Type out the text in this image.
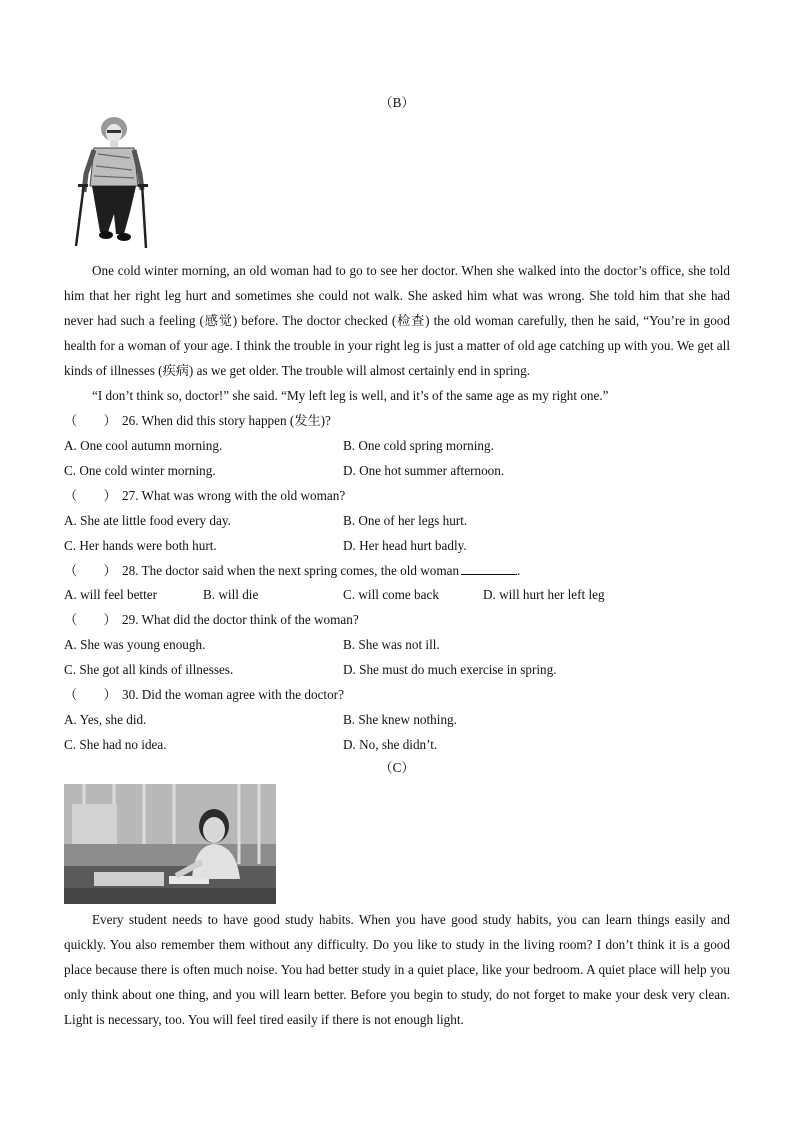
（B）

One cold winter morning, an old woman had to go to see her doctor. When she walked into the doctor’s office, she told him that her right leg hurt and sometimes she could not walk. She asked him what was wrong. She told him that she had never had such a feeling (感觉) before. The doctor checked (检查) the old woman carefully, then he said, “You’re in good health for a woman of your age. I think the trouble in your right leg is just a matter of old age catching up with you. We get all kinds of illnesses (疾病) as we get older. The trouble will almost certainly end in spring.

“I don’t think so, doctor!” she said. “My left leg is well, and it’s of the same age as my right one.”

（　　） 26. When did this story happen (发生)?
A. One cool autumn morning.	B. One cold spring morning.
C. One cold winter morning.	D. One hot summer afternoon.
（　　） 27. What was wrong with the old woman?
A. She ate little food every day.	B. One of her legs hurt.
C. Her hands were both hurt.	D. Her head hurt badly.
（　　） 28. The doctor said when the next spring comes, the old woman	.
A. will feel better	B. will die	C. will come back	D. will hurt her left leg
（　　） 29. What did the doctor think of the woman?
A. She was young enough.	B. She was not ill.
C. She got all kinds of illnesses.	D. She must do much exercise in spring.
（　　） 30. Did the woman agree with the doctor?
A. Yes, she did.	B. She knew nothing.
C. She had no idea.	D. No, she didn’t.
（C）

Every student needs to have good study habits. When you have good study habits, you can learn things easily and quickly. You also remember them without any difficulty. Do you like to study in the living room? I don’t think it is a good place because there is often much noise. You had better study in a quiet place, like your bedroom. A quiet place will help you only think about one thing, and you will learn better. Before you begin to study, do not forget to make your desk very clean. Light is necessary, too. You will feel tired easily if there is not enough light.
